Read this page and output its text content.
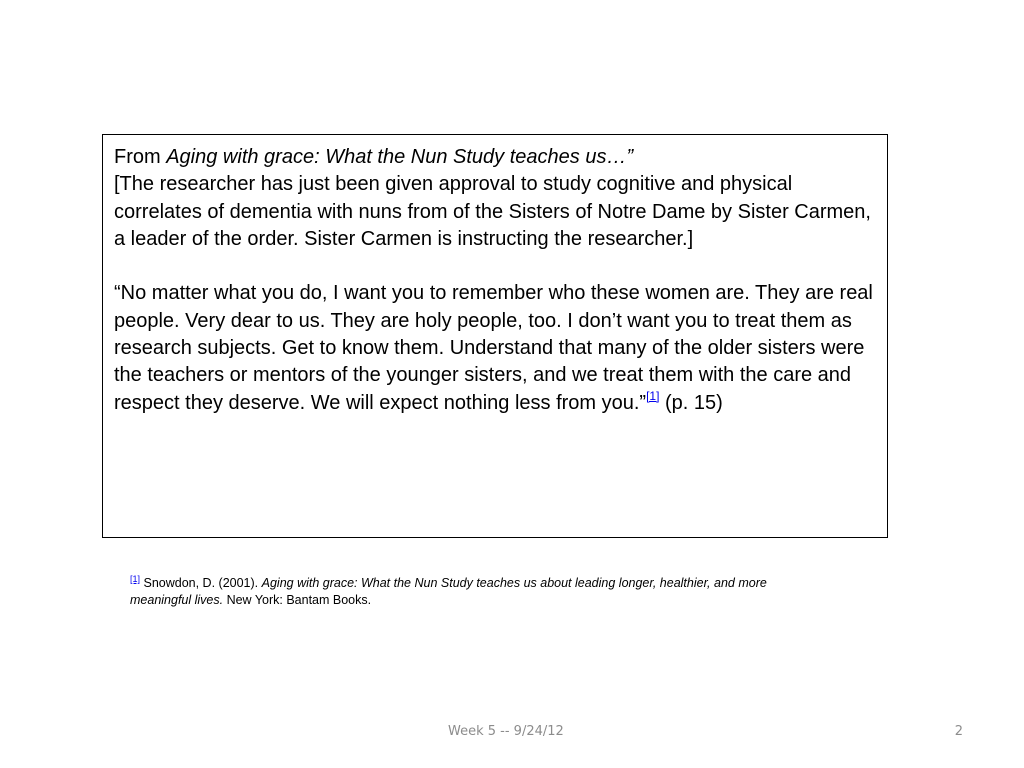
From Aging with grace: What the Nun Study teaches us…”

[The researcher has just been given approval to study cognitive and physical correlates of dementia with nuns from of the Sisters of Notre Dame by Sister Carmen, a leader of the order. Sister Carmen is instructing the researcher.]

“No matter what you do, I want you to remember who these women are. They are real people. Very dear to us. They are holy people, too. I don’t want you to treat them as research subjects. Get to know them. Understand that many of the older sisters were the teachers or mentors of the younger sisters, and we treat them with the care and respect they deserve. We will expect nothing less from you.”[1] (p. 15)

[1] Snowdon, D. (2001). Aging with grace: What the Nun Study teaches us about leading longer, healthier, and more meaningful lives. New York: Bantam Books.
Week 5 -- 9/24/12	2
